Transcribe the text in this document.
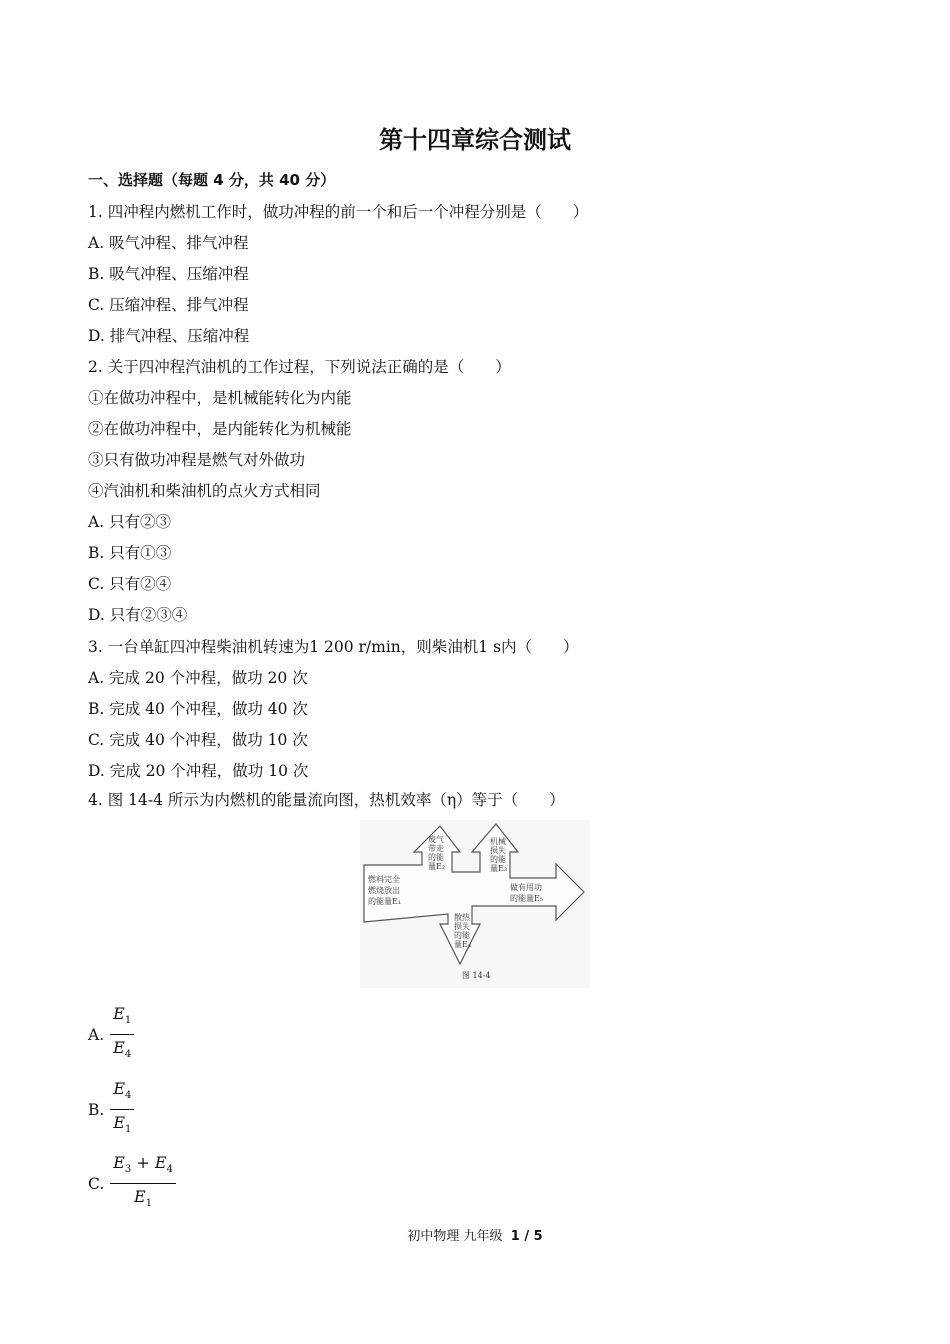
第十四章综合测试
一、选择题（每题 4 分，共 40 分）
1. 四冲程内燃机工作时，做功冲程的前一个和后一个冲程分别是（　　）
A. 吸气冲程、排气冲程
B. 吸气冲程、压缩冲程
C. 压缩冲程、排气冲程
D. 排气冲程、压缩冲程
2. 关于四冲程汽油机的工作过程，下列说法正确的是（　　）
①在做功冲程中，是机械能转化为内能
②在做功冲程中，是内能转化为机械能
③只有做功冲程是燃气对外做功
④汽油机和柴油机的点火方式相同
A. 只有②③
B. 只有①③
C. 只有②④
D. 只有②③④
3. 一台单缸四冲程柴油机转速为1 200 r/min，则柴油机1 s内（　　）
A. 完成 20 个冲程，做功 20 次
B. 完成 40 个冲程，做功 40 次
C. 完成 40 个冲程，做功 10 次
D. 完成 20 个冲程，做功 10 次
4. 图 14-4 所示为内燃机的能量流向图，热机效率（η）等于（　　）
废气
带走
的能
量E₂
机械
损失
的能
量E₃
燃料完全
燃烧放出
的能量E₁
做有用功
的能量E₅
散热
损失
的能
量E₄
图 14-4
A. $\frac{E_1}{E_4}$
B. $\frac{E_4}{E_1}$
C. $\frac{E_3 + E_4}{E_1}$
初中物理 九年级 1 / 5
